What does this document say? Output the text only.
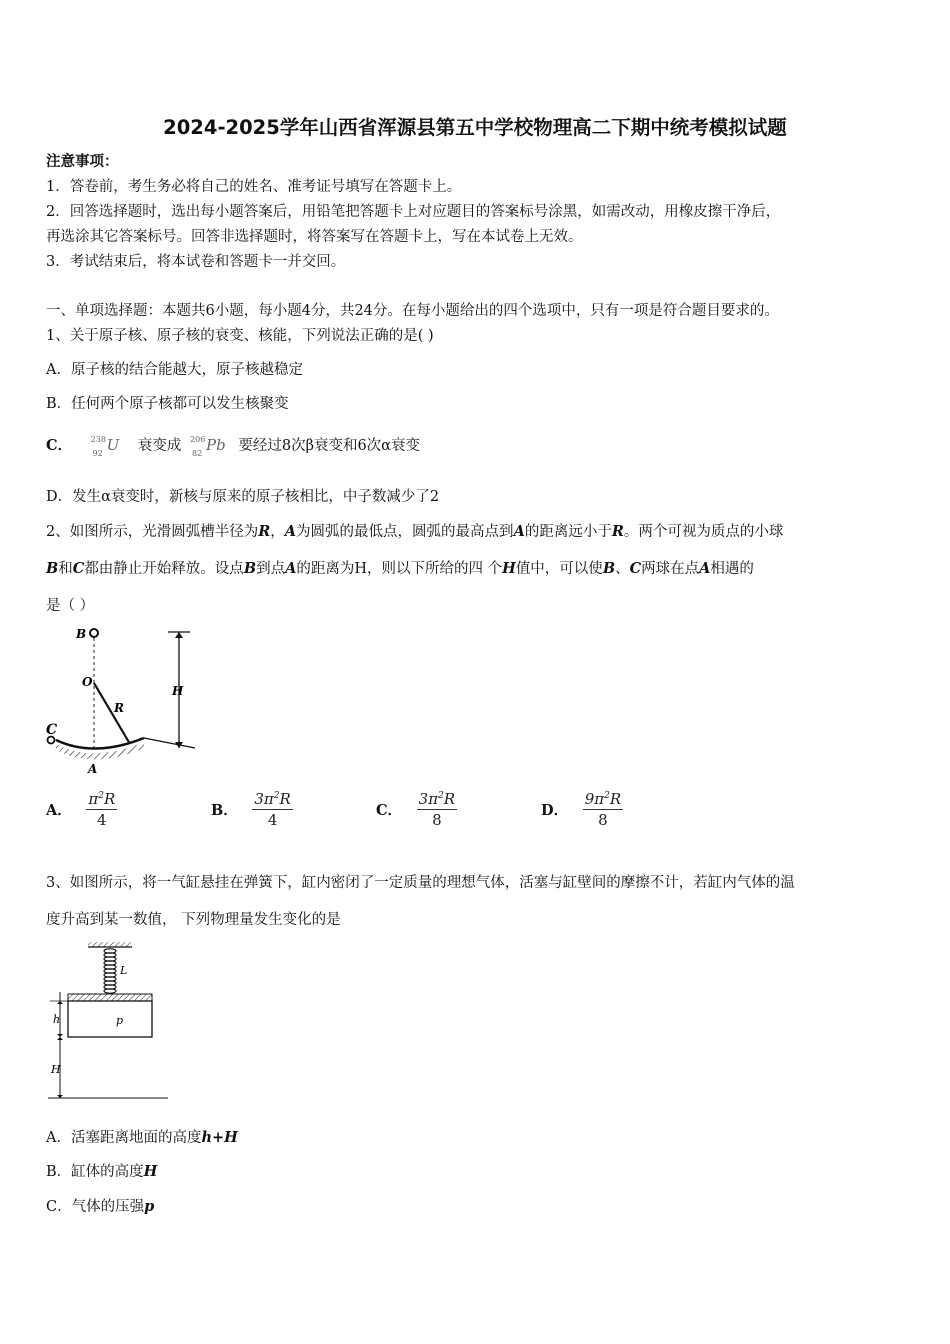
2024-2025学年山西省浑源县第五中学校物理高二下期中统考模拟试题
注意事项：
1．答卷前，考生务必将自己的姓名、准考证号填写在答题卡上。
2．回答选择题时，选出每小题答案后，用铅笔把答题卡上对应题目的答案标号涂黑，如需改动，用橡皮擦干净后，
再选涂其它答案标号。回答非选择题时，将答案写在答题卡上，写在本试卷上无效。
3．考试结束后，将本试卷和答题卡一并交回。
一、单项选择题：本题共6小题，每小题4分，共24分。在每小题给出的四个选项中，只有一项是符合题目要求的。
1、关于原子核、原子核的衰变、核能，下列说法正确的是( )
A．原子核的结合能越大，原子核越稳定
B．任何两个原子核都可以发生核聚变
C． 238
92 U 衰变成 206
82 Pb 要经过8次β衰变和6次α衰变
D．发生α衰变时，新核与原来的原子核相比，中子数减少了2
2、如图所示，光滑圆弧槽半径为R，A为圆弧的最低点，圆弧的最高点到A的距离远小于R。两个可视为质点的小球
B和C都由静止开始释放。设点B到点A的距离为H，则以下所给的四 个H值中，可以使B、C两球在点A相遇的
是（ ）
B
O
R
C
A
H
A． $\frac{\pi^2R}{4}$	B． $\frac{3\pi^2R}{4}$	C． $\frac{3\pi^2R}{8}$	D． $\frac{9\pi^2R}{8}$
3、如图所示，将一气缸悬挂在弹簧下，缸内密闭了一定质量的理想气体，活塞与缸壁间的摩擦不计，若缸内气体的温
度升高到某一数值， 下列物理量发生变化的是
L
p
h
H
A．活塞距离地面的高度h+H
B．缸体的高度H
C．气体的压强p
